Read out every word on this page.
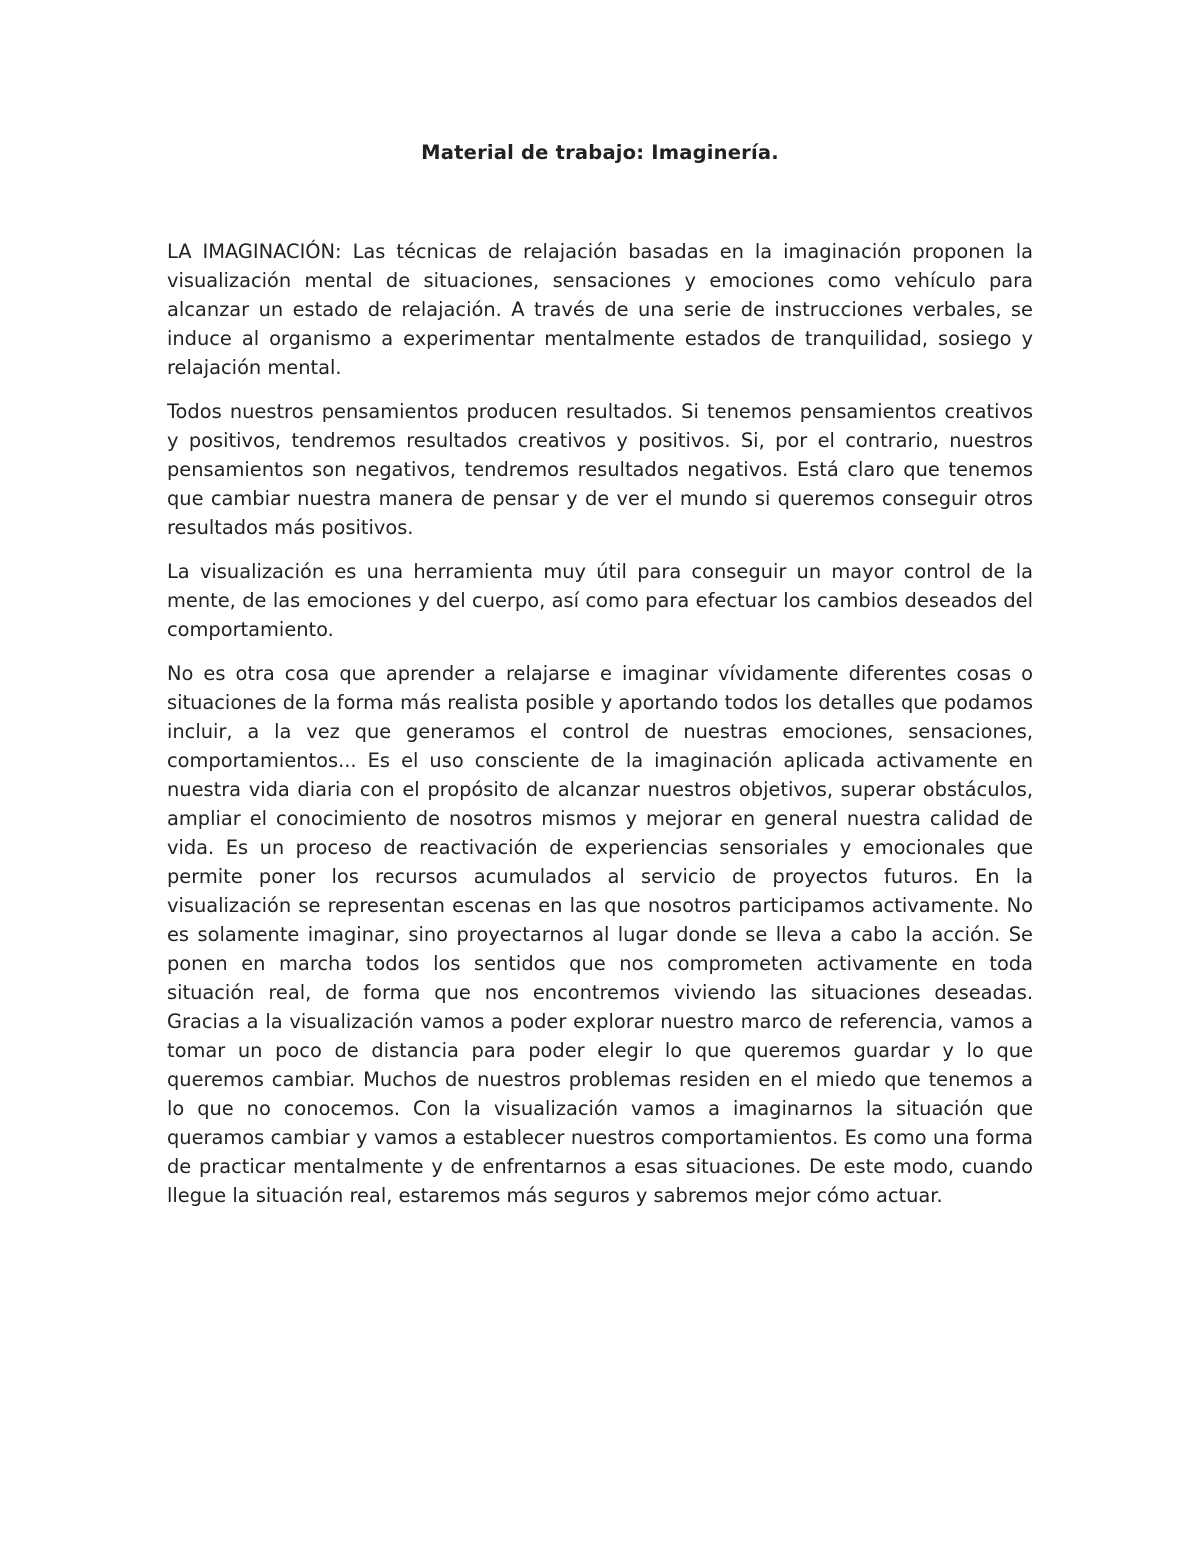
Material de trabajo: Imaginería.

LA IMAGINACIÓN: Las técnicas de relajación basadas en la imaginación proponen la visualización mental de situaciones, sensaciones y emociones como vehículo para alcanzar un estado de relajación. A través de una serie de instrucciones verbales, se induce al organismo a experimentar mentalmente estados de tranquilidad, sosiego y relajación mental.

Todos nuestros pensamientos producen resultados. Si tenemos pensamientos creativos y positivos, tendremos resultados creativos y positivos. Si, por el contrario, nuestros pensamientos son negativos, tendremos resultados negativos. Está claro que tenemos que cambiar nuestra manera de pensar y de ver el mundo si queremos conseguir otros resultados más positivos.

La visualización es una herramienta muy útil para conseguir un mayor control de la mente, de las emociones y del cuerpo, así como para efectuar los cambios deseados del comportamiento.

No es otra cosa que aprender a relajarse e imaginar vívidamente diferentes cosas o situaciones de la forma más realista posible y aportando todos los detalles que podamos incluir, a la vez que generamos el control de nuestras emociones, sensaciones, comportamientos... Es el uso consciente de la imaginación aplicada activamente en nuestra vida diaria con el propósito de alcanzar nuestros objetivos, superar obstáculos, ampliar el conocimiento de nosotros mismos y mejorar en general nuestra calidad de vida. Es un proceso de reactivación de experiencias sensoriales y emocionales que permite poner los recursos acumulados al servicio de proyectos futuros. En la visualización se representan escenas en las que nosotros participamos activamente. No es solamente imaginar, sino proyectarnos al lugar donde se lleva a cabo la acción. Se ponen en marcha todos los sentidos que nos comprometen activamente en toda situación real, de forma que nos encontremos viviendo las situaciones deseadas. Gracias a la visualización vamos a poder explorar nuestro marco de referencia, vamos a tomar un poco de distancia para poder elegir lo que queremos guardar y lo que queremos cambiar. Muchos de nuestros problemas residen en el miedo que tenemos a lo que no conocemos. Con la visualización vamos a imaginarnos la situación que queramos cambiar y vamos a establecer nuestros comportamientos. Es como una forma de practicar mentalmente y de enfrentarnos a esas situaciones. De este modo, cuando llegue la situación real, estaremos más seguros y sabremos mejor cómo actuar.
